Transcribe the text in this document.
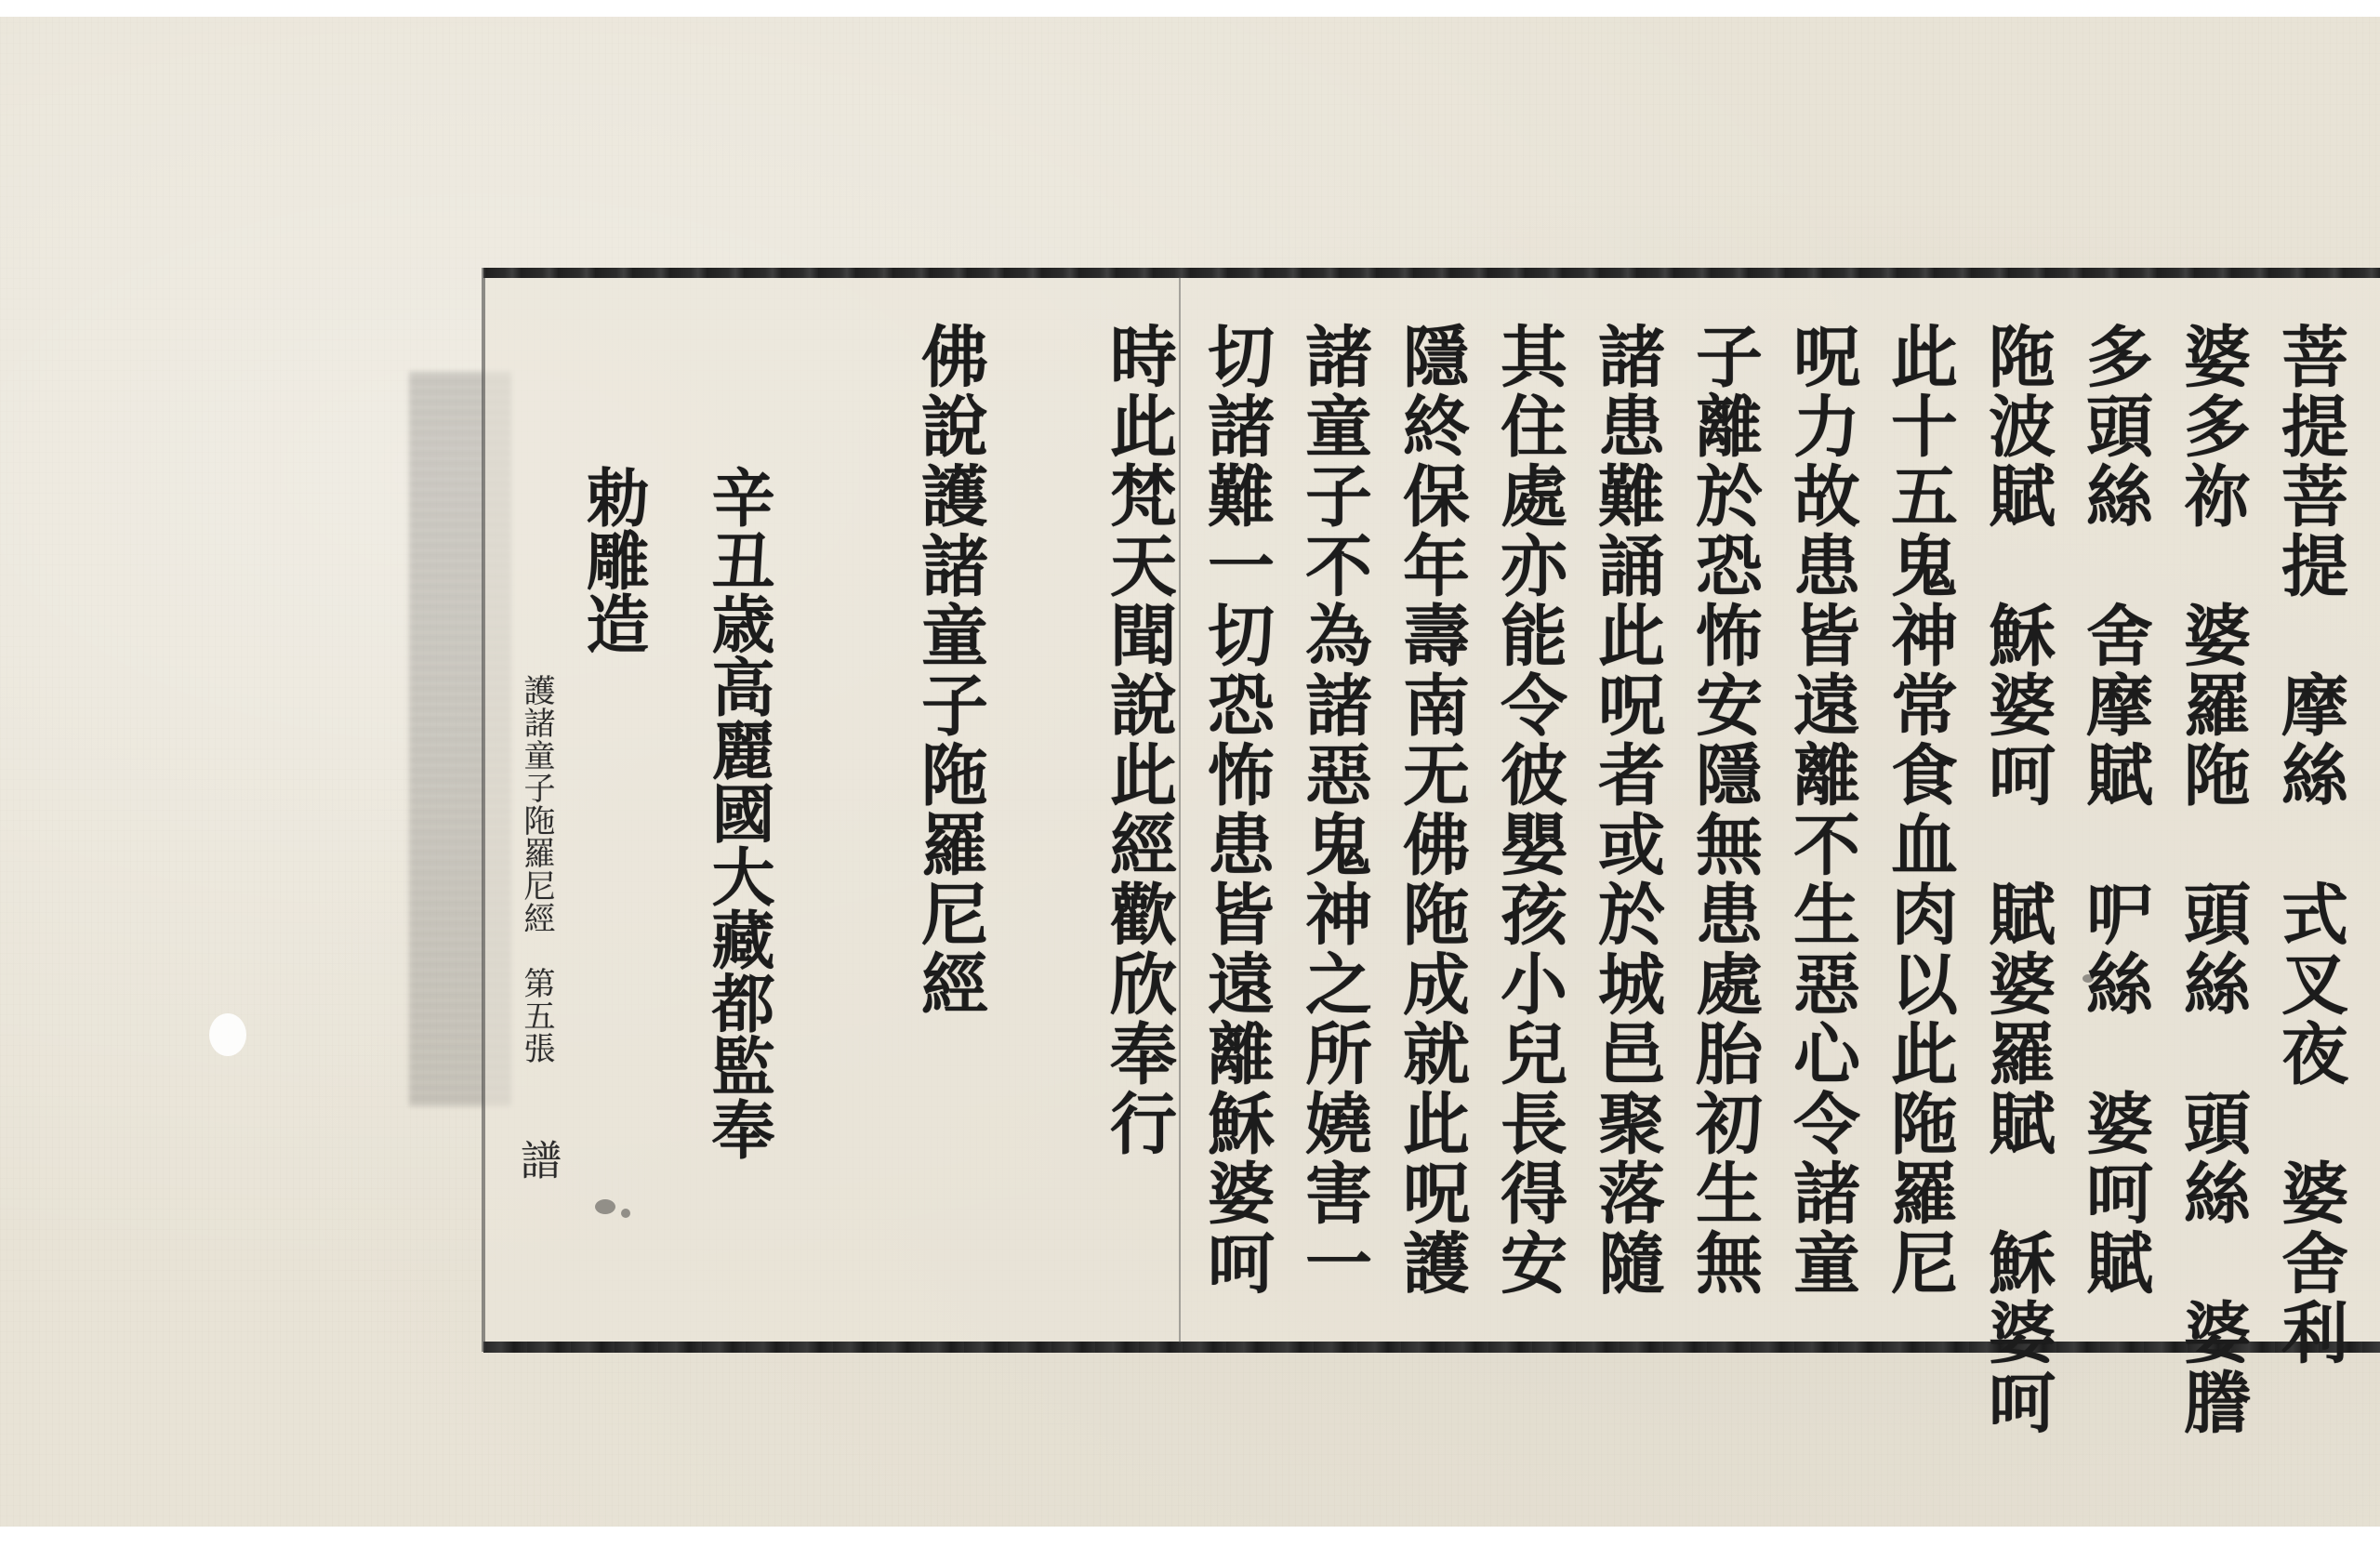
菩提菩提　摩絲　式叉夜　婆舍利

婆多祢　婆羅陁　頭絲　頭絲　婆謄

多頭絲　舍摩賦　㕧絲　婆呵賦

陁波賦　穌婆呵　賦婆羅賦　穌婆呵

此十五鬼神常食血肉以此陁羅尼

呪力故患皆遠離不生惡心令諸童

子離於恐怖安隱無患處胎初生無

諸患難誦此呪者或於城邑聚落隨

其住處亦能令彼嬰孩小兒長得安

隱終保年壽南无佛陁成就此呪護

諸童子不為諸惡鬼神之所嬈害一

切諸難一切恐怖患皆遠離穌婆呵

時此梵天聞說此經歡欣奉行

佛說護諸童子陁羅尼經

辛丑歳高麗國大藏都監奉

勅雕造

護諸童子陁羅尼經　第五張

譜
